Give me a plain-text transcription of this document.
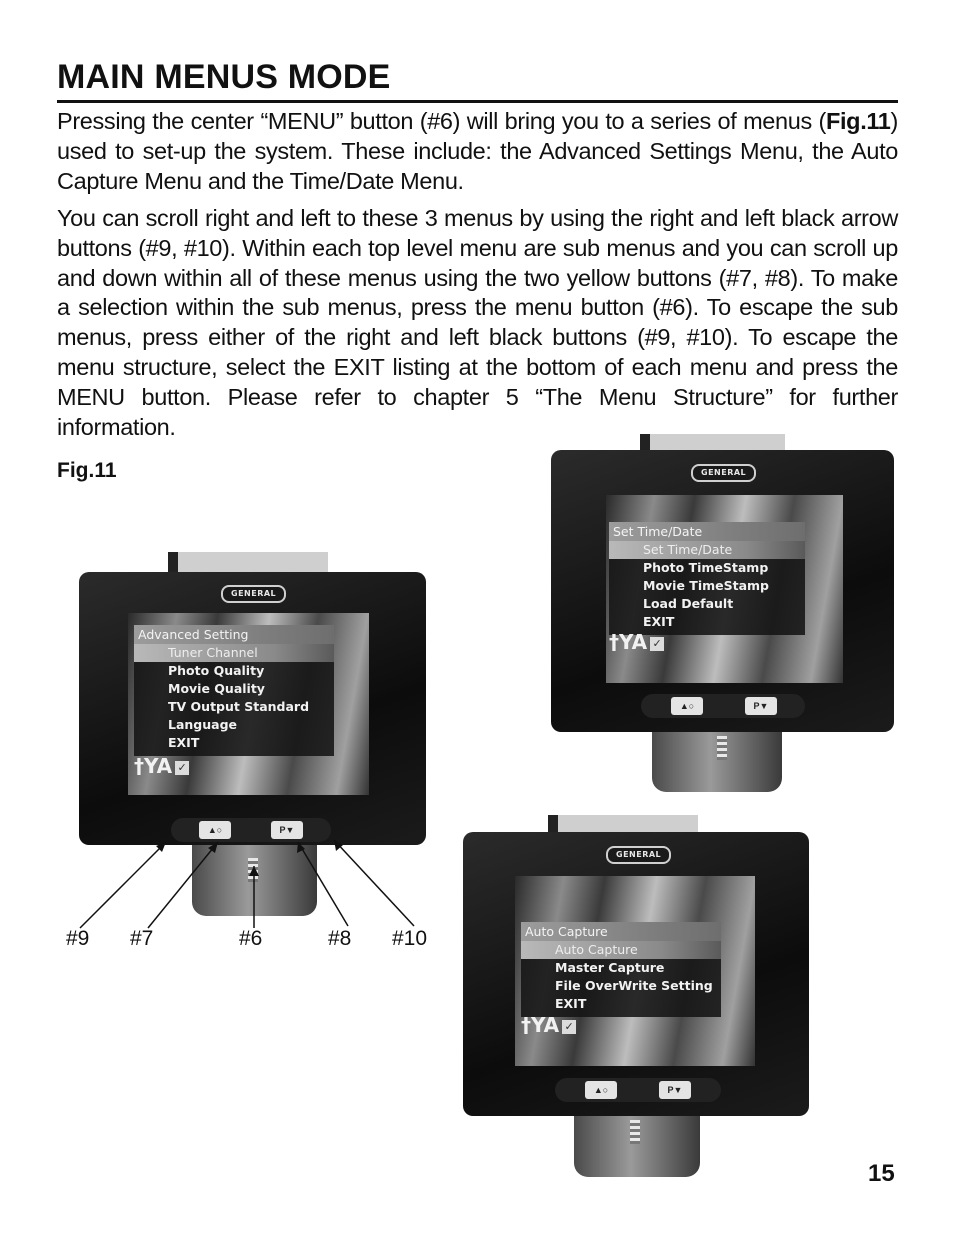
MAIN MENUS MODE

Pressing the center “MENU” button (#6) will bring you to a series of menus (Fig.11) used to set-up the system. These include: the Advanced Settings Menu, the Auto Capture Menu and the Time/Date Menu.

You can scroll right and left to these 3 menus by using the right and left black arrow buttons (#9, #10). Within each top level menu are sub menus and you can scroll up and down within all of these menus using the two yellow buttons (#7, #8). To make a selection within the sub menus, press the menu button (#6). To escape the sub menus, press either of the right and left black buttons (#9, #10). To escape the menu structure, select the EXIT listing at the bottom of each menu and press the MENU button. Please refer to chapter 5 “The Menu Structure” for further information.

Fig.11
GENERAL
Advanced Setting
Tuner Channel
Photo Quality
Movie Quality
TV Output Standard
Language
EXIT
†YA ✓
▲○	P▼
GENERAL
Set Time/Date
Set Time/Date
Photo TimeStamp
Movie TimeStamp
Load Default
EXIT
†YA ✓
▲○	P▼
GENERAL
Auto Capture
Auto Capture
Master Capture
File OverWrite Setting
EXIT
†YA ✓
▲○	P▼
#9 #7	#6	#8 #10
15
